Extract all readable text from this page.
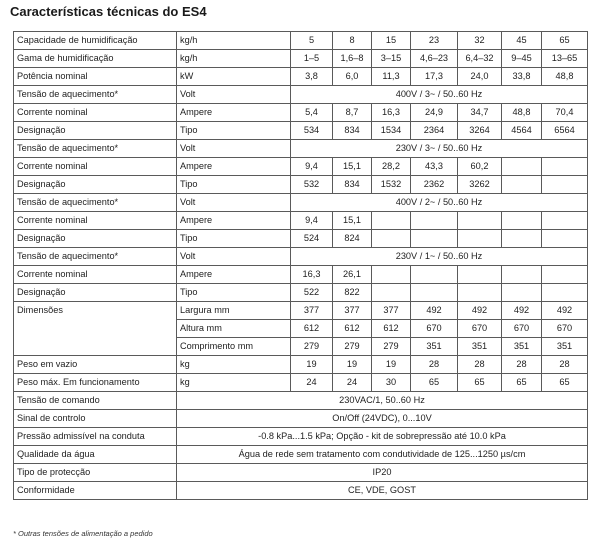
Características técnicas do ES4
Capacidade de humidificação	kg/h	5	8	15	23	32	45	65
Gama de humidificação	kg/h	1–5	1,6–8	3–15	4,6–23	6,4–32	9–45	13–65
Potência nominal	kW	3,8	6,0	11,3	17,3	24,0	33,8	48,8
Tensão de aquecimento*	Volt	400V / 3~ / 50..60 Hz						
Corrente nominal	Ampere	5,4	8,7	16,3	24,9	34,7	48,8	70,4
Designação	Tipo	534	834	1534	2364	3264	4564	6564
Tensão de aquecimento*	Volt	230V / 3~ / 50..60 Hz						
Corrente nominal	Ampere	9,4	15,1	28,2	43,3	60,2		
Designação	Tipo	532	834	1532	2362	3262		
Tensão de aquecimento*	Volt	400V / 2~ / 50..60 Hz						
Corrente nominal	Ampere	9,4	15,1					
Designação	Tipo	524	824					
Tensão de aquecimento*	Volt	230V / 1~ / 50..60 Hz						
Corrente nominal	Ampere	16,3	26,1					
Designação	Tipo	522	822					
Dimensões	Largura mm	377	377	377	492	492	492	492
	Altura mm	612	612	612	670	670	670	670
	Comprimento mm	279	279	279	351	351	351	351
Peso em vazio	kg	19	19	19	28	28	28	28
Peso máx. Em funcionamento	kg	24	24	30	65	65	65	65
Tensão de comando	230VAC/1, 50..60 Hz							
Sinal de controlo	On/Off (24VDC), 0...10V							
Pressão admissível na conduta	-0.8 kPa...1.5 kPa; Opção - kit de sobrepressão até 10.0 kPa							
Qualidade da água	Água de rede sem tratamento com condutividade de 125...1250 µs/cm							
Tipo de protecção	IP20							
Conformidade	CE, VDE, GOST							
* Outras tensões de alimentação a pedido
